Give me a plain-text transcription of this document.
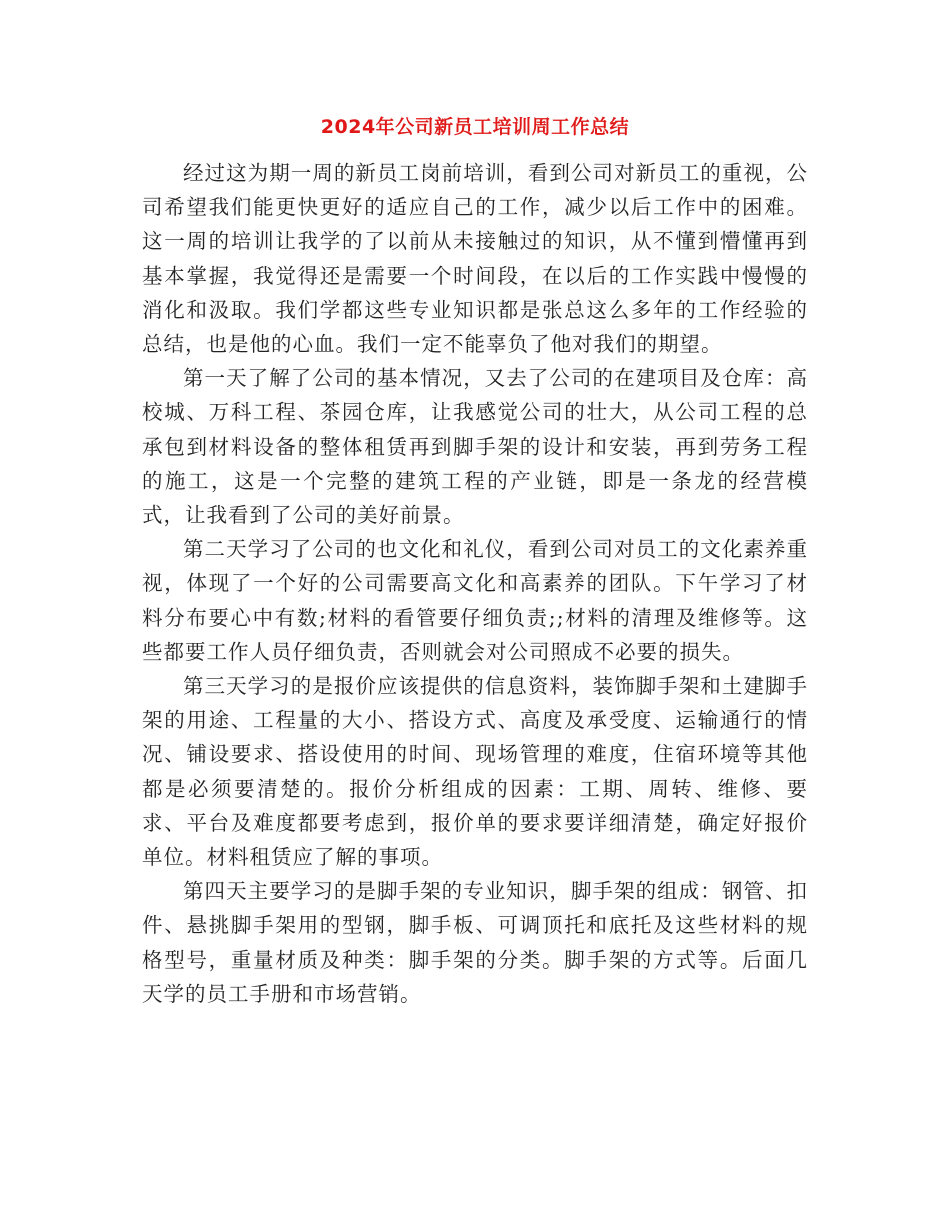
2024年公司新员工培训周工作总结

经过这为期一周的新员工岗前培训，看到公司对新员工的重视，公司希望我们能更快更好的适应自己的工作，减少以后工作中的困难。这一周的培训让我学的了以前从未接触过的知识，从不懂到懵懂再到基本掌握，我觉得还是需要一个时间段，在以后的工作实践中慢慢的消化和汲取。我们学都这些专业知识都是张总这么多年的工作经验的总结，也是他的心血。我们一定不能辜负了他对我们的期望。

第一天了解了公司的基本情况，又去了公司的在建项目及仓库：高校城、万科工程、茶园仓库，让我感觉公司的壮大，从公司工程的总承包到材料设备的整体租赁再到脚手架的设计和安装，再到劳务工程的施工，这是一个完整的建筑工程的产业链，即是一条龙的经营模式，让我看到了公司的美好前景。

第二天学习了公司的也文化和礼仪，看到公司对员工的文化素养重视，体现了一个好的公司需要高文化和高素养的团队。下午学习了材料分布要心中有数;材料的看管要仔细负责;;材料的清理及维修等。这些都要工作人员仔细负责，否则就会对公司照成不必要的损失。

第三天学习的是报价应该提供的信息资料，装饰脚手架和土建脚手架的用途、工程量的大小、搭设方式、高度及承受度、运输通行的情况、铺设要求、搭设使用的时间、现场管理的难度，住宿环境等其他都是必须要清楚的。报价分析组成的因素：工期、周转、维修、要求、平台及难度都要考虑到，报价单的要求要详细清楚，确定好报价单位。材料租赁应了解的事项。

第四天主要学习的是脚手架的专业知识，脚手架的组成：钢管、扣件、悬挑脚手架用的型钢，脚手板、可调顶托和底托及这些材料的规格型号，重量材质及种类：脚手架的分类。脚手架的方式等。后面几天学的员工手册和市场营销。
